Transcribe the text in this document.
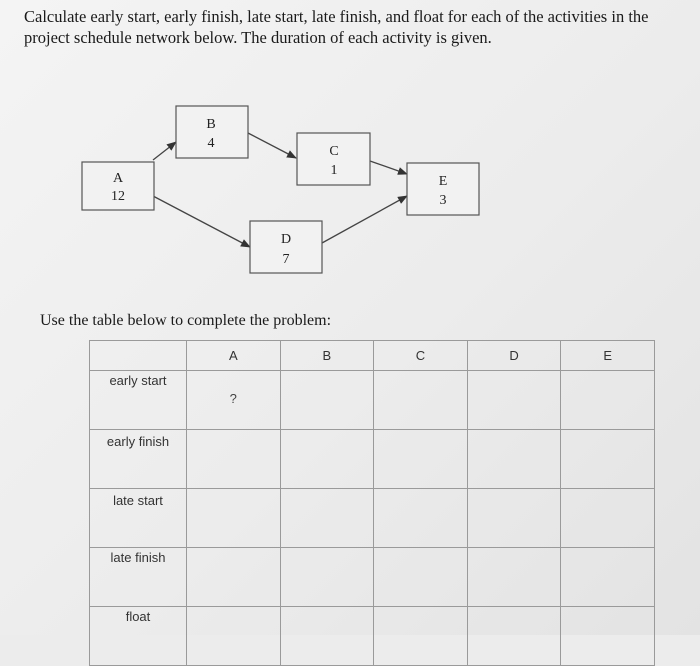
Calculate early start, early finish, late start, late finish, and float for each of the activities in the project schedule network below. The duration of each activity is given.

A
12
B
4
C
1
D
7
E
3

Use the table below to complete the problem:

	A	B	C	D	E

early start	?				

early finish					

late start					

late finish					

float					
